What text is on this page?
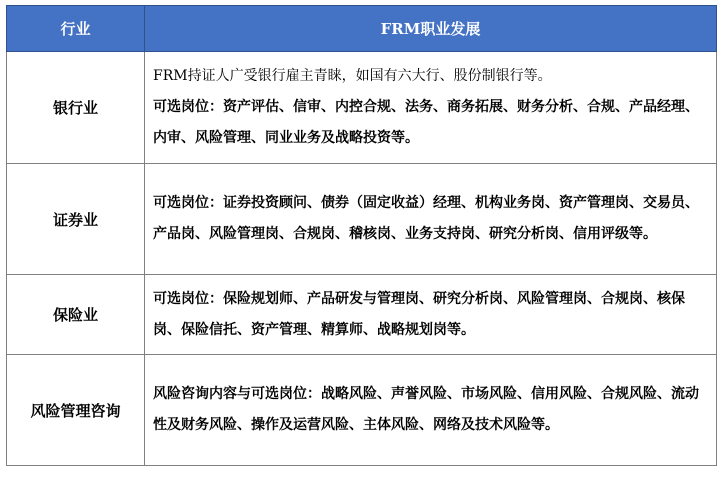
行业	FRM职业发展
银行业	FRM持证人广受银行雇主青睐，如国有六大行、股份制银行等。
可选岗位：资产评估、信审、内控合规、法务、商务拓展、财务分析、合规、产品经理、内审、风险管理、同业业务及战略投资等。

证券业	可选岗位：证券投资顾问、债券（固定收益）经理、机构业务岗、资产管理岗、交易员、产品岗、风险管理岗、合规岗、稽核岗、业务支持岗、研究分析岗、信用评级等。

保险业	可选岗位：保险规划师、产品研发与管理岗、研究分析岗、风险管理岗、合规岗、核保岗、保险信托、资产管理、精算师、战略规划岗等。

风险管理咨询	风险咨询内容与可选岗位：战略风险、声誉风险、市场风险、信用风险、合规风险、流动性及财务风险、操作及运营风险、主体风险、网络及技术风险等。
